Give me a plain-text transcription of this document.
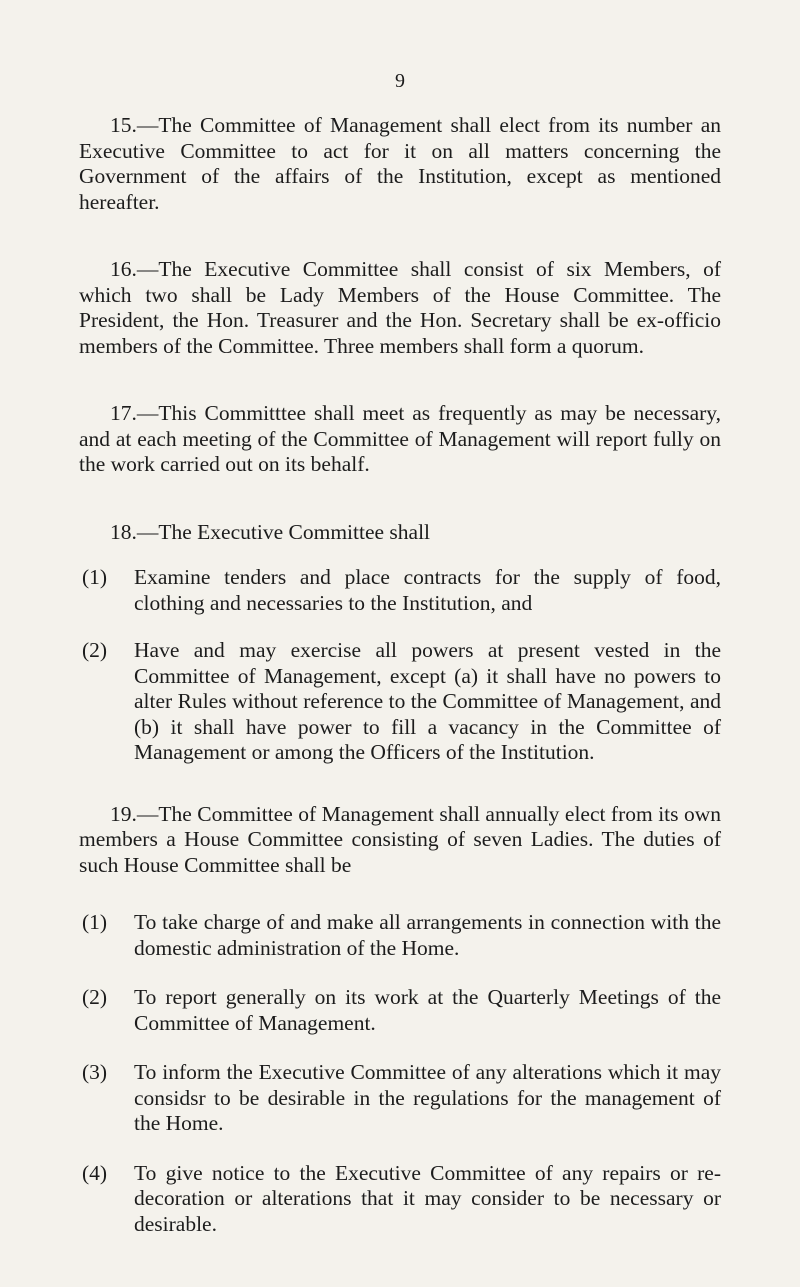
9

15.—The Committee of Management shall elect from its number an Executive Committee to act for it on all matters concerning the Government of the affairs of the Institution, except as mentioned hereafter.

16.—The Executive Committee shall consist of six Members, of which two shall be Lady Members of the House Committee. The President, the Hon. Treasurer and the Hon. Secretary shall be ex-officio members of the Committee. Three members shall form a quorum.

17.—This Committtee shall meet as frequently as may be necessary, and at each meeting of the Committee of Management will report fully on the work carried out on its behalf.

18.—The Executive Committee shall

(1) Examine tenders and place contracts for the supply of food, clothing and necessaries to the Institution, and
(2) Have and may exercise all powers at present vested in the Committee of Management, except (a) it shall have no powers to alter Rules without reference to the Committee of Management, and (b) it shall have power to fill a vacancy in the Committee of Management or among the Officers of the Institution.

19.—The Committee of Management shall annually elect from its own members a House Committee consisting of seven Ladies. The duties of such House Committee shall be

(1) To take charge of and make all arrangements in connection with the domestic administration of the Home.
(2) To report generally on its work at the Quarterly Meetings of the Committee of Management.
(3) To inform the Executive Committee of any alterations which it may considsr to be desirable in the regulations for the management of the Home.
(4) To give notice to the Executive Committee of any repairs or re-decoration or alterations that it may consider to be necessary or desirable.
